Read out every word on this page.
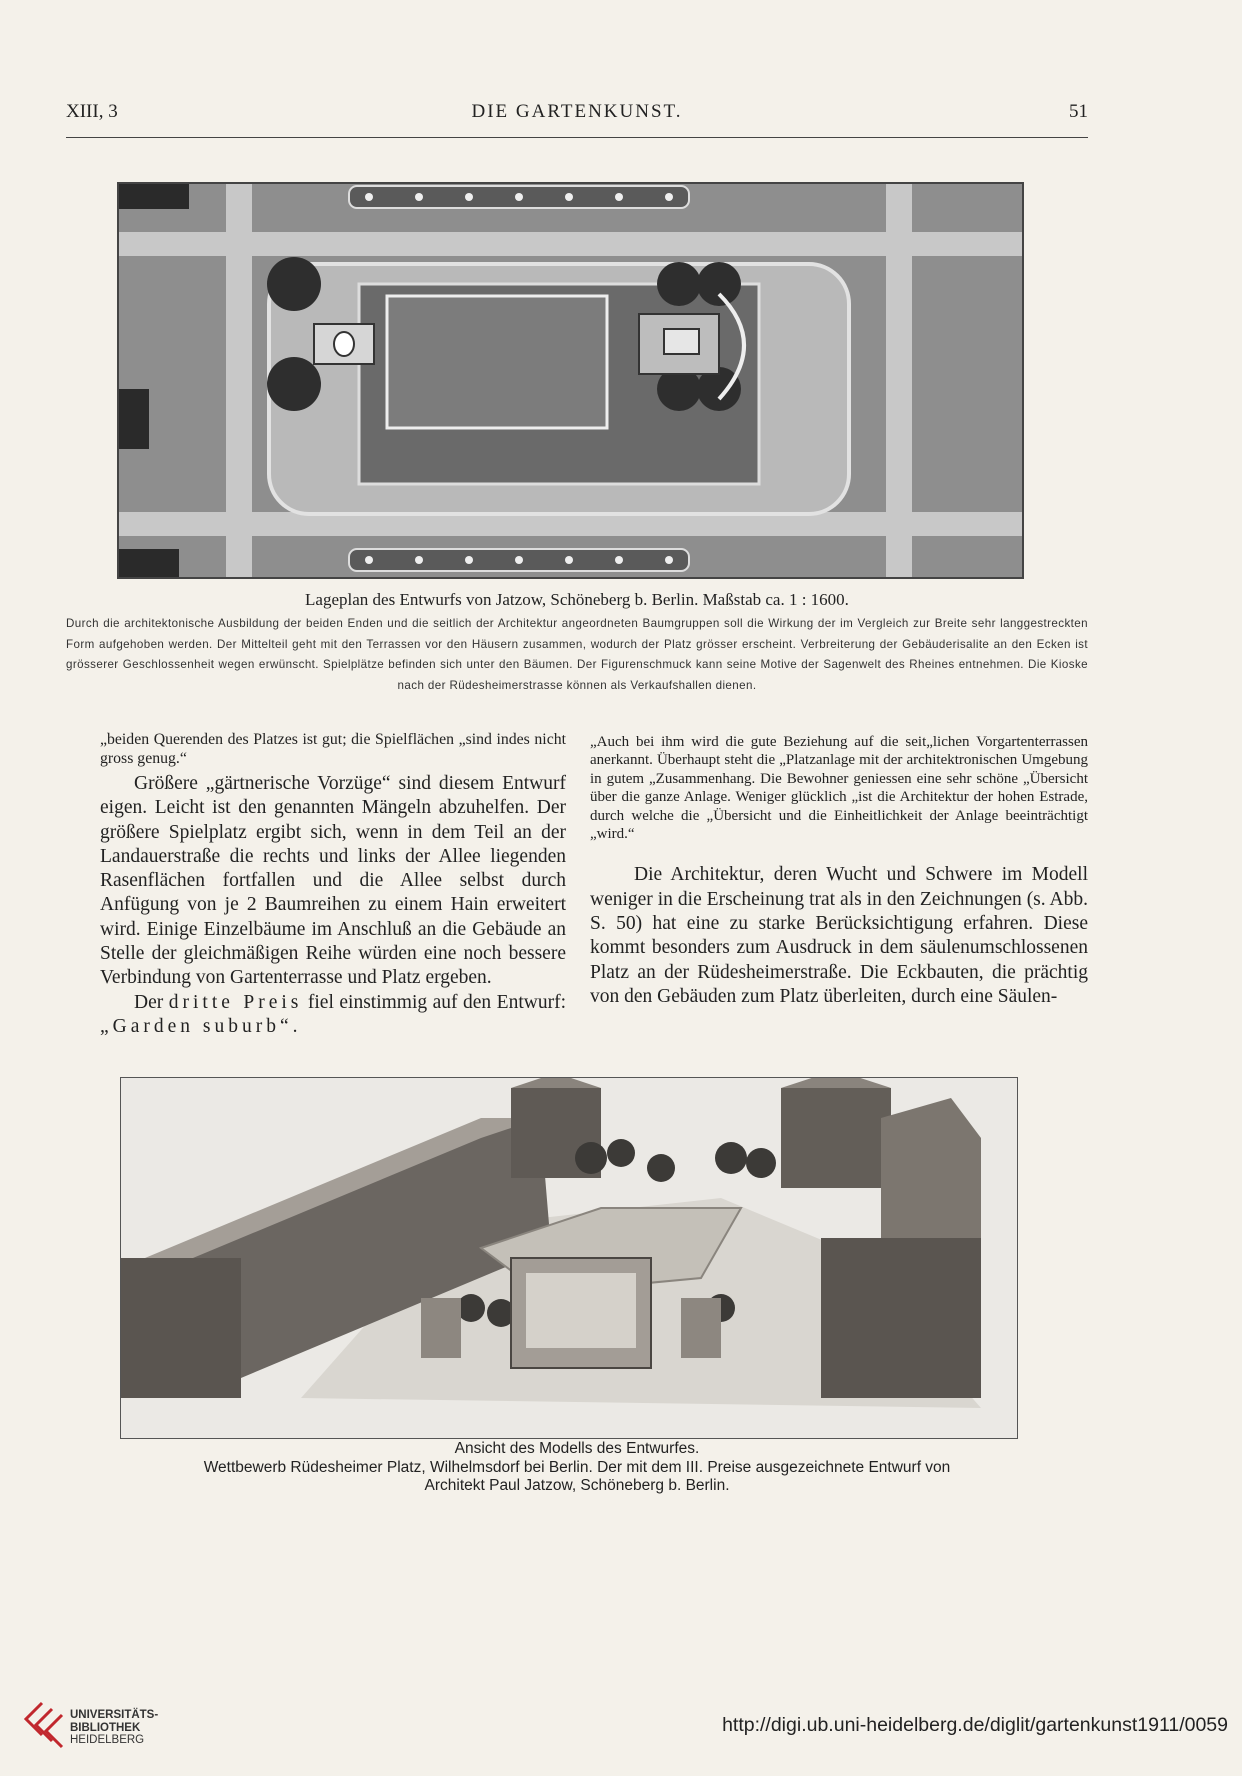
XIII, 3	DIE GARTENKUNST.	51
Lageplan des Entwurfs von Jatzow, Schöneberg b. Berlin. Maßstab ca. 1 : 1600.
Durch die architektonische Ausbildung der beiden Enden und die seitlich der Architektur angeordneten Baumgruppen soll die Wirkung der im Vergleich zur Breite sehr langgestreckten Form aufgehoben werden. Der Mittelteil geht mit den Terrassen vor den Häusern zusammen, wodurch der Platz grösser erscheint. Verbreiterung der Gebäuderisalite an den Ecken ist grösserer Geschlossenheit wegen erwünscht. Spielplätze befinden sich unter den Bäumen. Der Figurenschmuck kann seine Motive der Sagenwelt des Rheines entnehmen. Die Kioske nach der Rüdesheimerstrasse können als Verkaufshallen dienen.

„beiden Querenden des Platzes ist gut; die Spielflächen „sind indes nicht gross genug.“

Größere „gärtnerische Vorzüge“ sind diesem Entwurf eigen. Leicht ist den genannten Mängeln abzuhelfen. Der größere Spielplatz ergibt sich, wenn in dem Teil an der Landauerstraße die rechts und links der Allee liegenden Rasenflächen fortfallen und die Allee selbst durch Anfügung von je 2 Baumreihen zu einem Hain erweitert wird. Einige Einzelbäume im Anschluß an die Gebäude an Stelle der gleichmäßigen Reihe würden eine noch bessere Verbindung von Gartenterrasse und Platz ergeben.

Der dritte Preis fiel einstimmig auf den Entwurf: „Garden suburb“.

„Auch bei ihm wird die gute Beziehung auf die seit„lichen Vorgartenterrassen anerkannt. Überhaupt steht die „Platzanlage mit der architektronischen Umgebung in gutem „Zusammenhang. Die Bewohner geniessen eine sehr schöne „Übersicht über die ganze Anlage. Weniger glücklich „ist die Architektur der hohen Estrade, durch welche die „Übersicht und die Einheitlichkeit der Anlage beeinträchtigt „wird.“

Die Architektur, deren Wucht und Schwere im Modell weniger in die Erscheinung trat als in den Zeichnungen (s. Abb. S. 50) hat eine zu starke Berücksichtigung erfahren. Diese kommt besonders zum Ausdruck in dem säulenumschlossenen Platz an der Rüdesheimerstraße. Die Eckbauten, die prächtig von den Gebäuden zum Platz überleiten, durch eine Säulen-

Ansicht des Modells des Entwurfes.
Wettbewerb Rüdesheimer Platz, Wilhelmsdorf bei Berlin. Der mit dem III. Preise ausgezeichnete Entwurf von
Architekt Paul Jatzow, Schöneberg b. Berlin.
UNIVERSITÄTS-
BIBLIOTHEK
HEIDELBERG
http://digi.ub.uni-heidelberg.de/diglit/gartenkunst1911/0059
